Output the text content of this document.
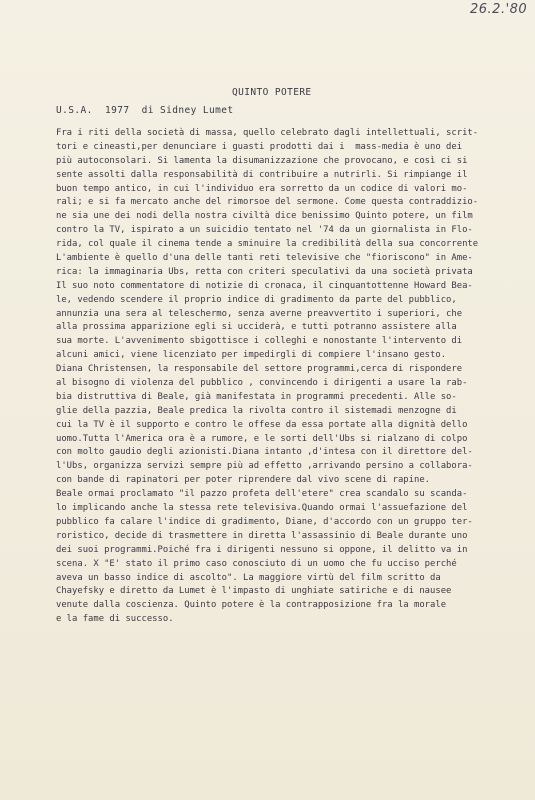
26.2.'80
QUINTO POTERE
U.S.A.  1977  di Sidney Lumet
Fra i riti della società di massa, quello celebrato dagli intellettuali, scrit-
tori e cineasti,per denunciare i guasti prodotti dai i  mass-media è uno dei
più autoconsolari. Si lamenta la disumanizzazione che provocano, e così ci si
sente assolti dalla responsabilità di contribuire a nutrirli. Si rimpiange il
buon tempo antico, in cui l'individuo era sorretto da un codice di valori mo-
rali; e si fa mercato anche del rimorsoe del sermone. Come questa contraddizio-
ne sia une dei nodi della nostra civiltà dice benissimo Quinto potere, un film
contro la TV, ispirato a un suicidio tentato nel '74 da un giornalista in Flo-
rida, col quale il cinema tende a sminuire la credibilità della sua concorrente
L'ambiente è quello d'una delle tanti reti televisive che "fioriscono" in Ame-
rica: la immaginaria Ubs, retta con criteri speculativi da una società privata
Il suo noto commentatore di notizie di cronaca, il cinquantottenne Howard Bea-
le, vedendo scendere il proprio indice di gradimento da parte del pubblico,
annunzia una sera al teleschermo, senza averne preavvertito i superiori, che
alla prossima apparizione egli si ucciderà, e tutti potranno assistere alla
sua morte. L'avvenimento sbigottisce i colleghi e nonostante l'intervento di
alcuni amici, viene licenziato per impedirgli di compiere l'insano gesto.
Diana Christensen, la responsabile del settore programmi,cerca di rispondere
al bisogno di violenza del pubblico , convincendo i dirigenti a usare la rab-
bia distruttiva di Beale, già manifestata in programmi precedenti. Alle so-
glie della pazzia, Beale predica la rivolta contro il sistemadi menzogne di
cui la TV è il supporto e contro le offese da essa portate alla dignità dello
uomo.Tutta l'America ora è a rumore, e le sorti dell'Ubs si rialzano di colpo
con molto gaudio degli azionisti.Diana intanto ,d'intesa con il direttore del-
l'Ubs, organizza servizi sempre più ad effetto ,arrivando persino a collabora-
con bande di rapinatori per poter riprendere dal vivo scene di rapine.
Beale ormai proclamato "il pazzo profeta dell'etere" crea scandalo su scanda-
lo implicando anche la stessa rete televisiva.Quando ormai l'assuefazione del
pubblico fa calare l'indice di gradimento, Diane, d'accordo con un gruppo ter-
roristico, decide di trasmettere in diretta l'assassinio di Beale durante uno
dei suoi programmi.Poiché fra i dirigenti nessuno si oppone, il delitto va in
scena. X "E' stato il primo caso conosciuto di un uomo che fu ucciso perché
aveva un basso indice di ascolto". La maggiore virtù del film scritto da
Chayefsky e diretto da Lumet è l'impasto di unghiate satiriche e di nausee
venute dalla coscienza. Quinto potere è la contrapposizione fra la morale
e la fame di successo.
